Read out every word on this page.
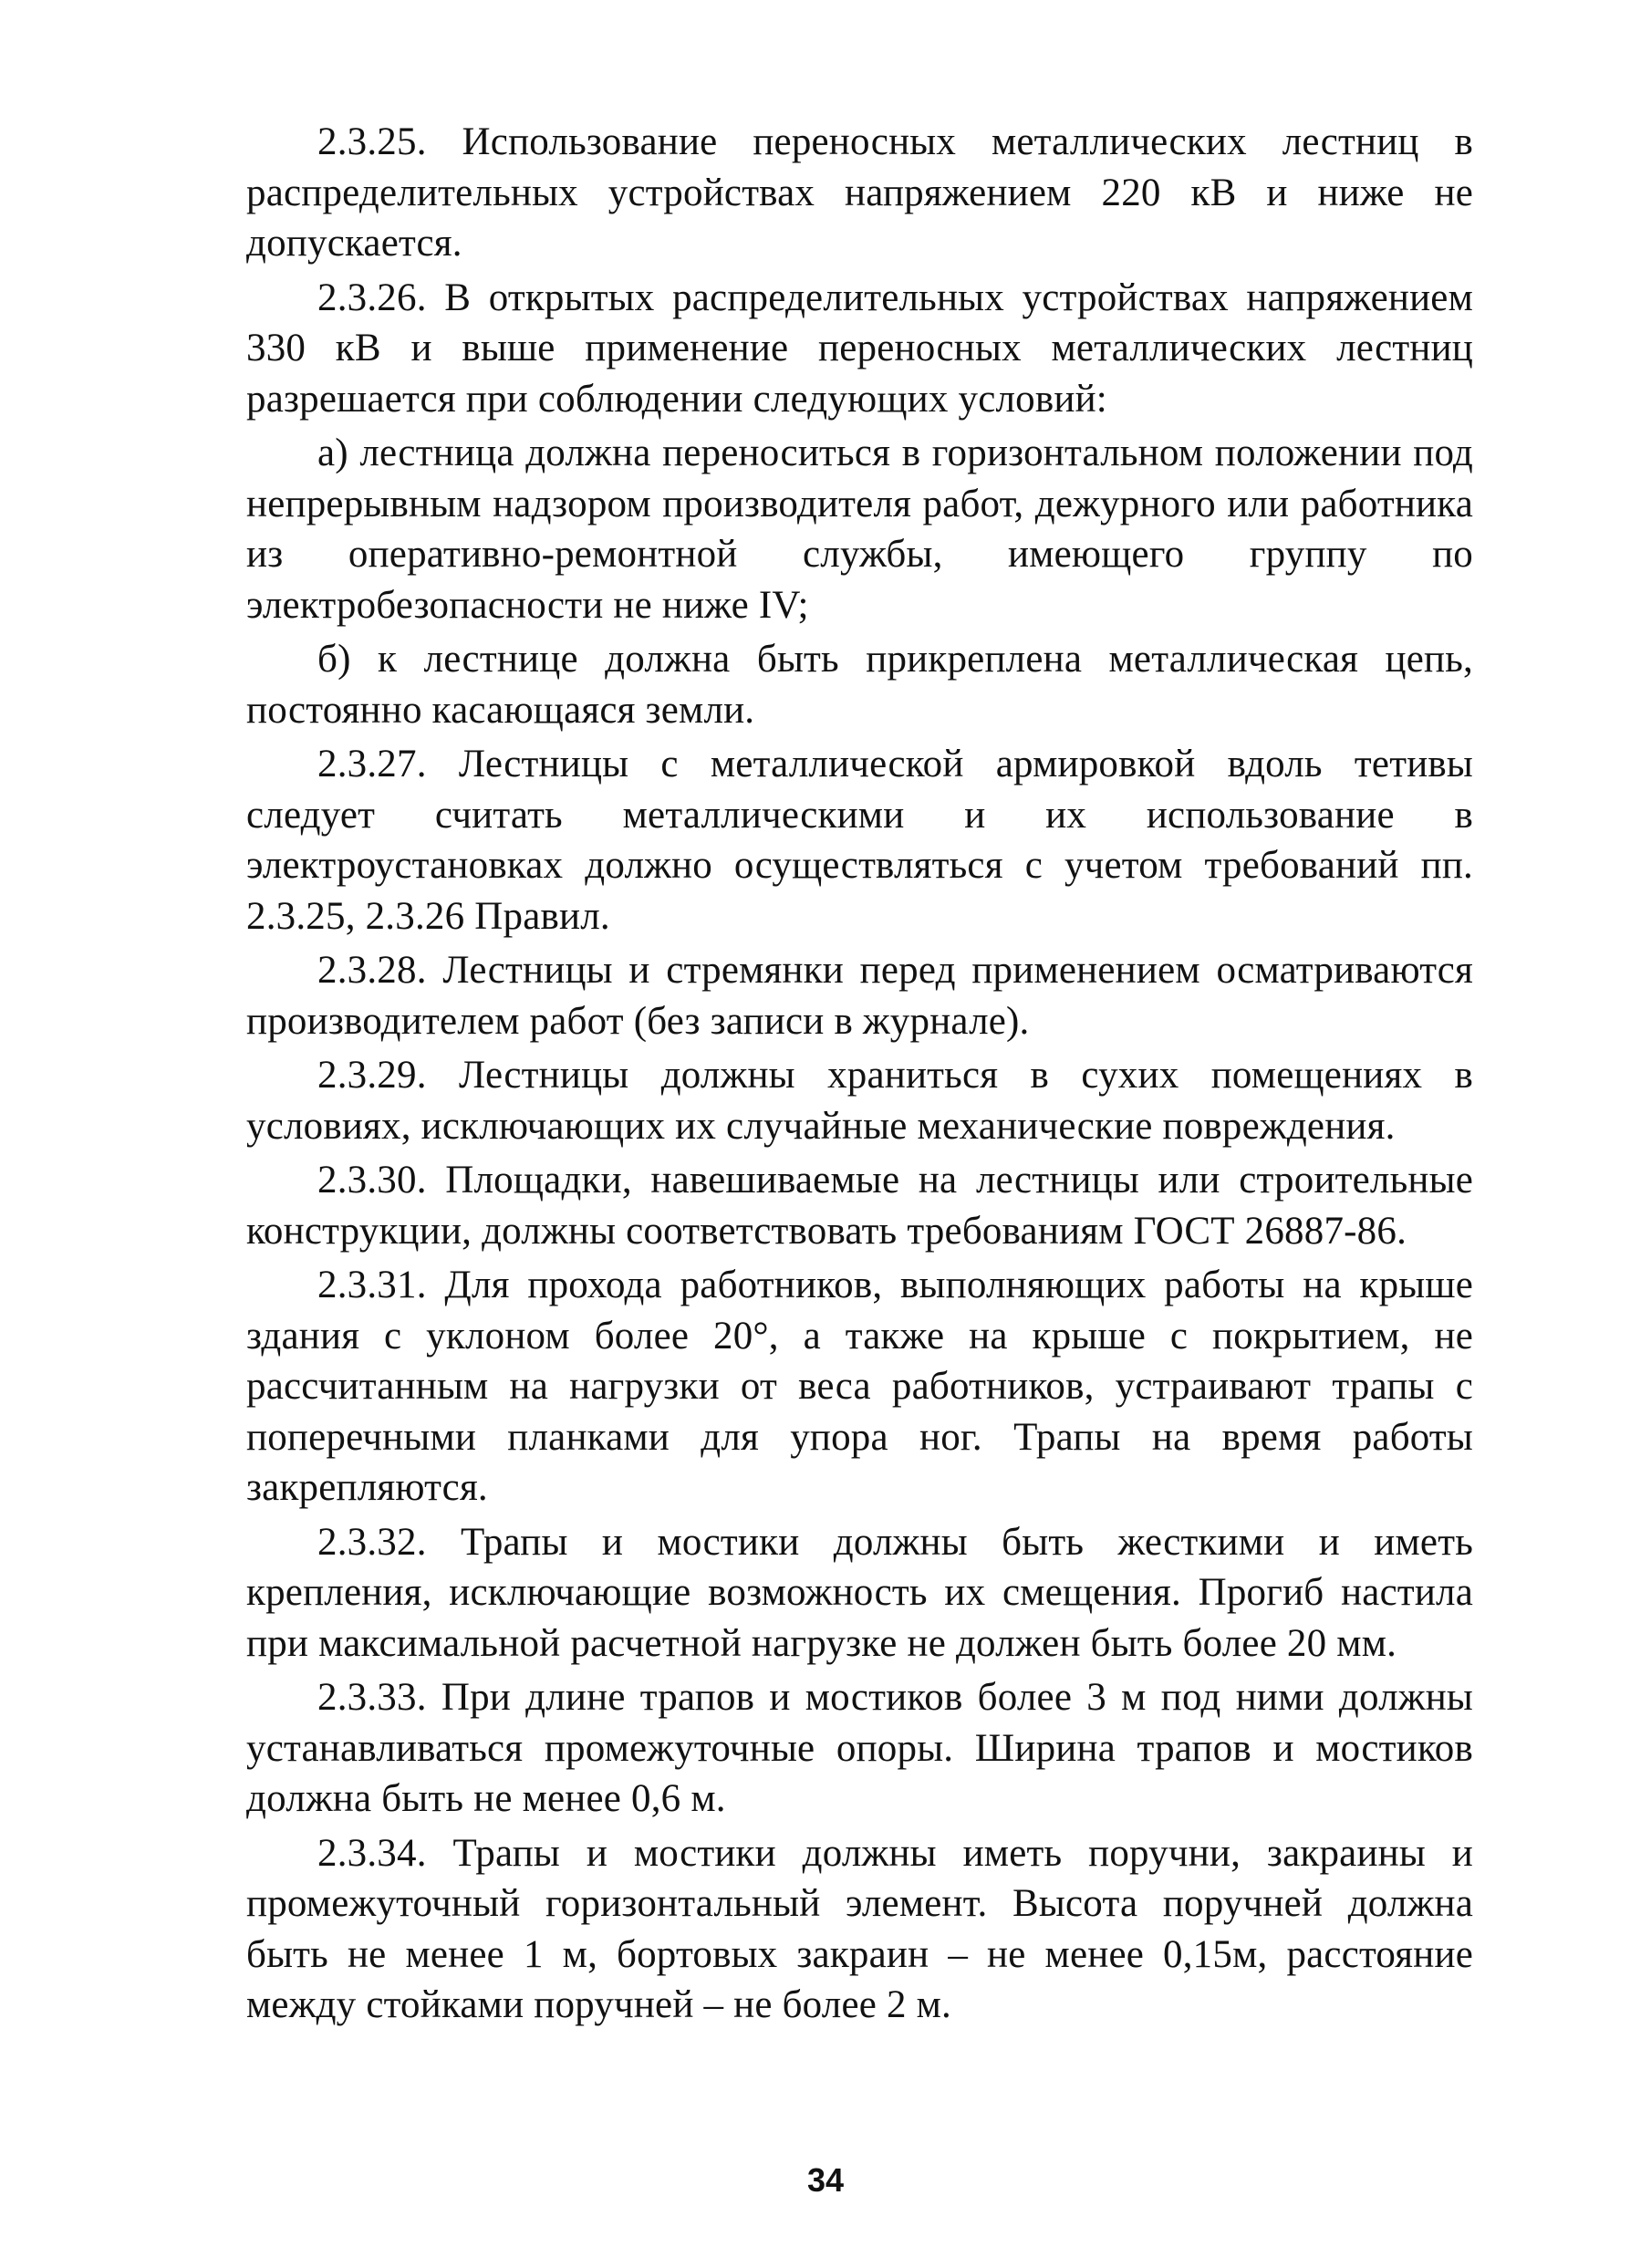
2.3.25. Использование переносных металлических лестниц в распределительных устройствах напряжением 220 кВ и ниже не допускается.

2.3.26. В открытых распределительных устройствах напряжением 330 кВ и выше применение переносных металлических лестниц разрешается при соблюдении следующих условий:

а) лестница должна переноситься в горизонтальном положении под непрерывным надзором производителя работ, дежурного или работника из оперативно-ремонтной службы, имеющего группу по электробезопасности не ниже IV;

б) к лестнице должна быть прикреплена металлическая цепь, постоянно касающаяся земли.

2.3.27. Лестницы с металлической армировкой вдоль тетивы следует считать металлическими и их использование в электроустановках должно осуществляться с учетом требований пп. 2.3.25, 2.3.26 Правил.

2.3.28. Лестницы и стремянки перед применением осматриваются производителем работ (без записи в журнале).

2.3.29. Лестницы должны храниться в сухих помещениях в условиях, исключающих их случайные механические повреждения.

2.3.30. Площадки, навешиваемые на лестницы или строительные конструкции, должны соответствовать требованиям ГОСТ 26887-86.

2.3.31. Для прохода работников, выполняющих работы на крыше здания с уклоном более 20°, а также на крыше с покрытием, не рассчитанным на нагрузки от веса работников, устраивают трапы с поперечными планками для упора ног. Трапы на время работы закрепляются.

2.3.32. Трапы и мостики должны быть жесткими и иметь крепления, исключающие возможность их смещения. Прогиб настила при максимальной расчетной нагрузке не должен быть более 20 мм.

2.3.33. При длине трапов и мостиков более 3 м под ними должны устанавливаться промежуточные опоры. Ширина трапов и мостиков должна быть не менее 0,6 м.

2.3.34. Трапы и мостики должны иметь поручни, закраины и промежуточный горизонтальный элемент. Высота поручней должна быть не менее 1 м, бортовых закраин – не менее 0,15м, расстояние между стойками поручней – не более 2 м.

34
